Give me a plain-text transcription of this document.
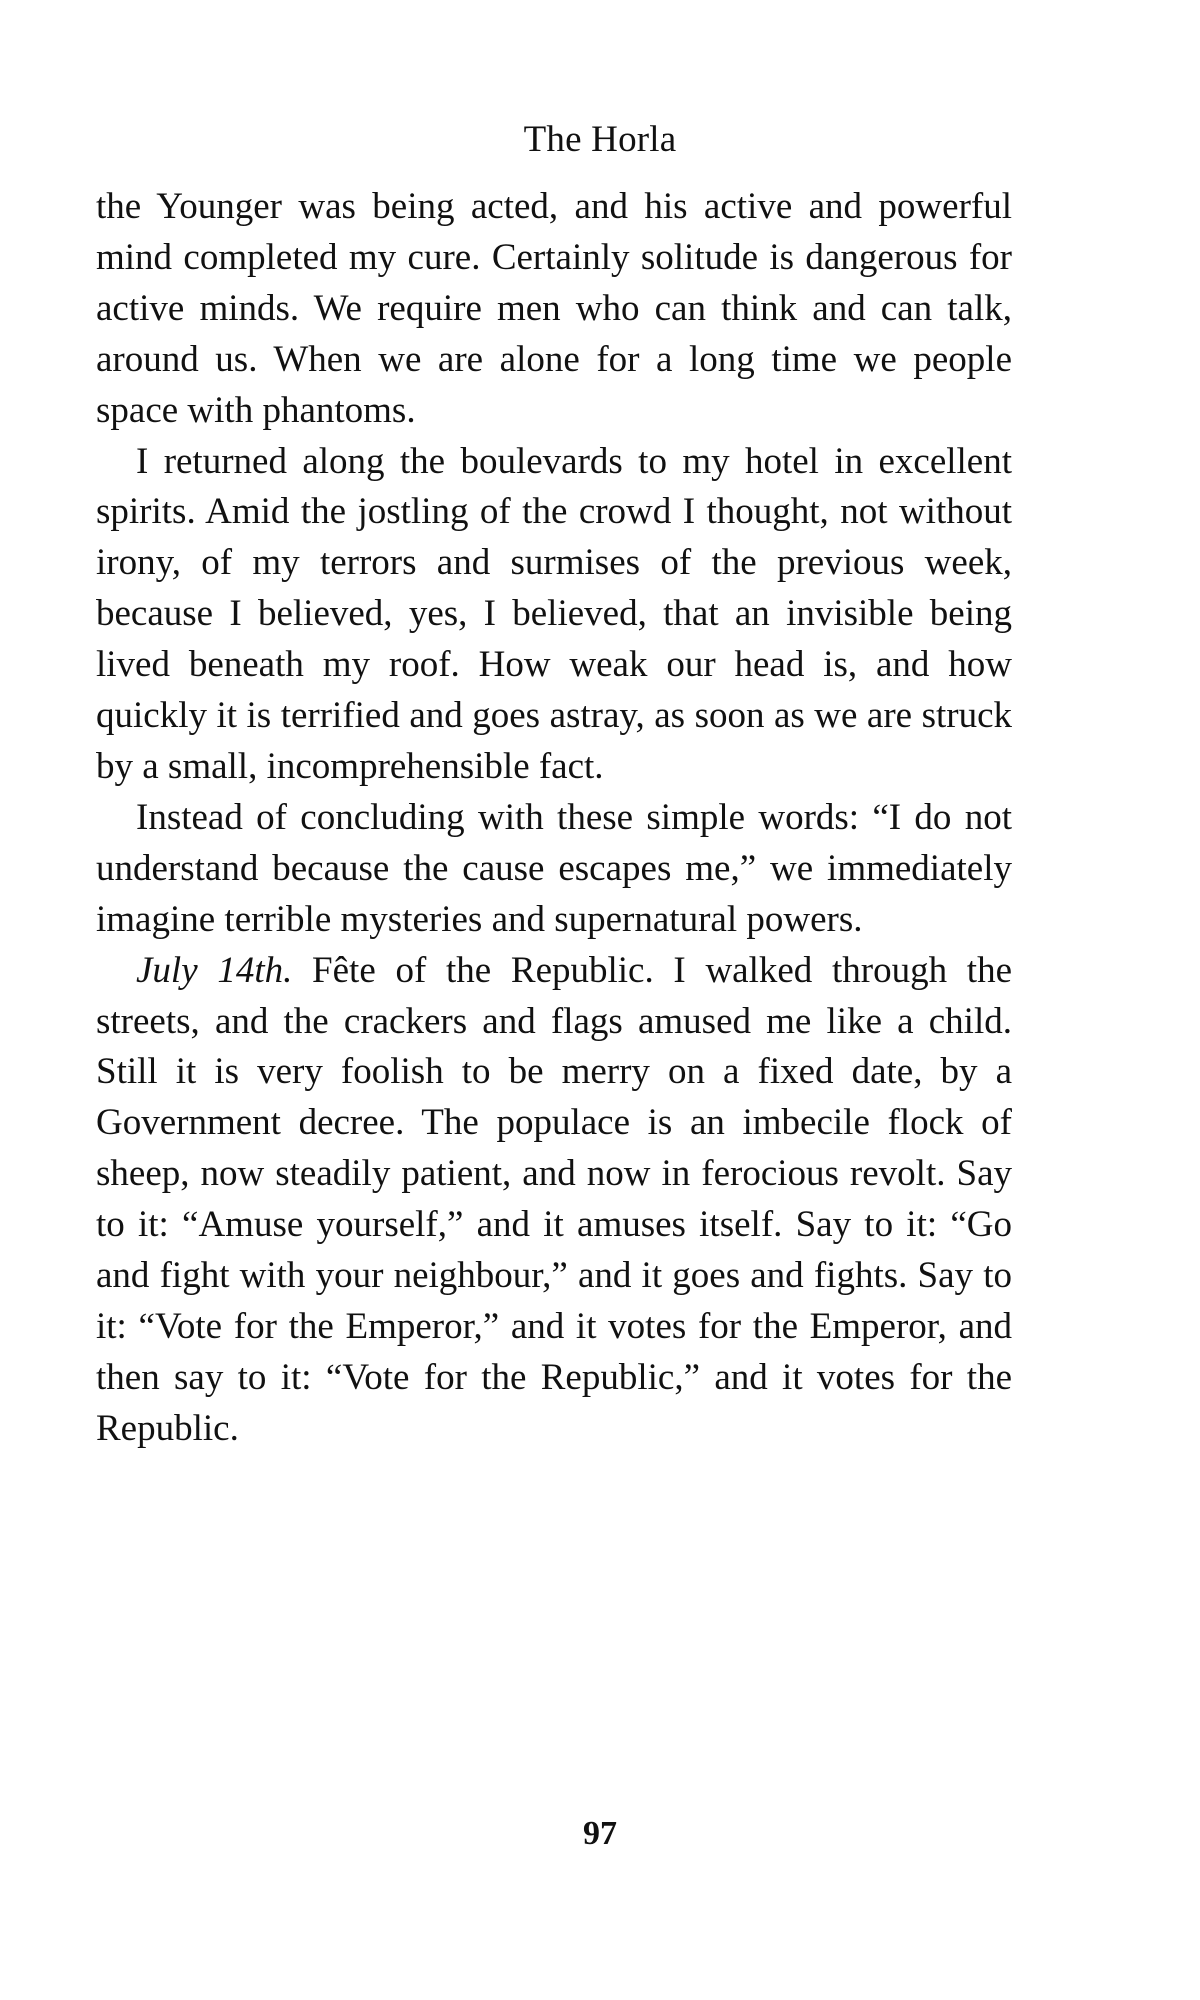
The Horla

the Younger was being acted, and his active and powerful mind completed my cure. Certainly solitude is dangerous for active minds. We require men who can think and can talk, around us. When we are alone for a long time we people space with phantoms.

I returned along the boulevards to my hotel in excellent spirits. Amid the jostling of the crowd I thought, not without irony, of my terrors and surmises of the previous week, because I believed, yes, I believed, that an invisible being lived beneath my roof. How weak our head is, and how quickly it is terrified and goes astray, as soon as we are struck by a small, incomprehensible fact.

Instead of concluding with these simple words: “I do not understand because the cause escapes me,” we immediately imagine terrible mysteries and supernatural powers.

July 14th. Fête of the Republic. I walked through the streets, and the crackers and flags amused me like a child. Still it is very foolish to be merry on a fixed date, by a Government decree. The populace is an imbecile flock of sheep, now steadily patient, and now in ferocious revolt. Say to it: “Amuse yourself,” and it amuses itself. Say to it: “Go and fight with your neighbour,” and it goes and fights. Say to it: “Vote for the Emperor,” and it votes for the Emperor, and then say to it: “Vote for the Republic,” and it votes for the Republic.

97
